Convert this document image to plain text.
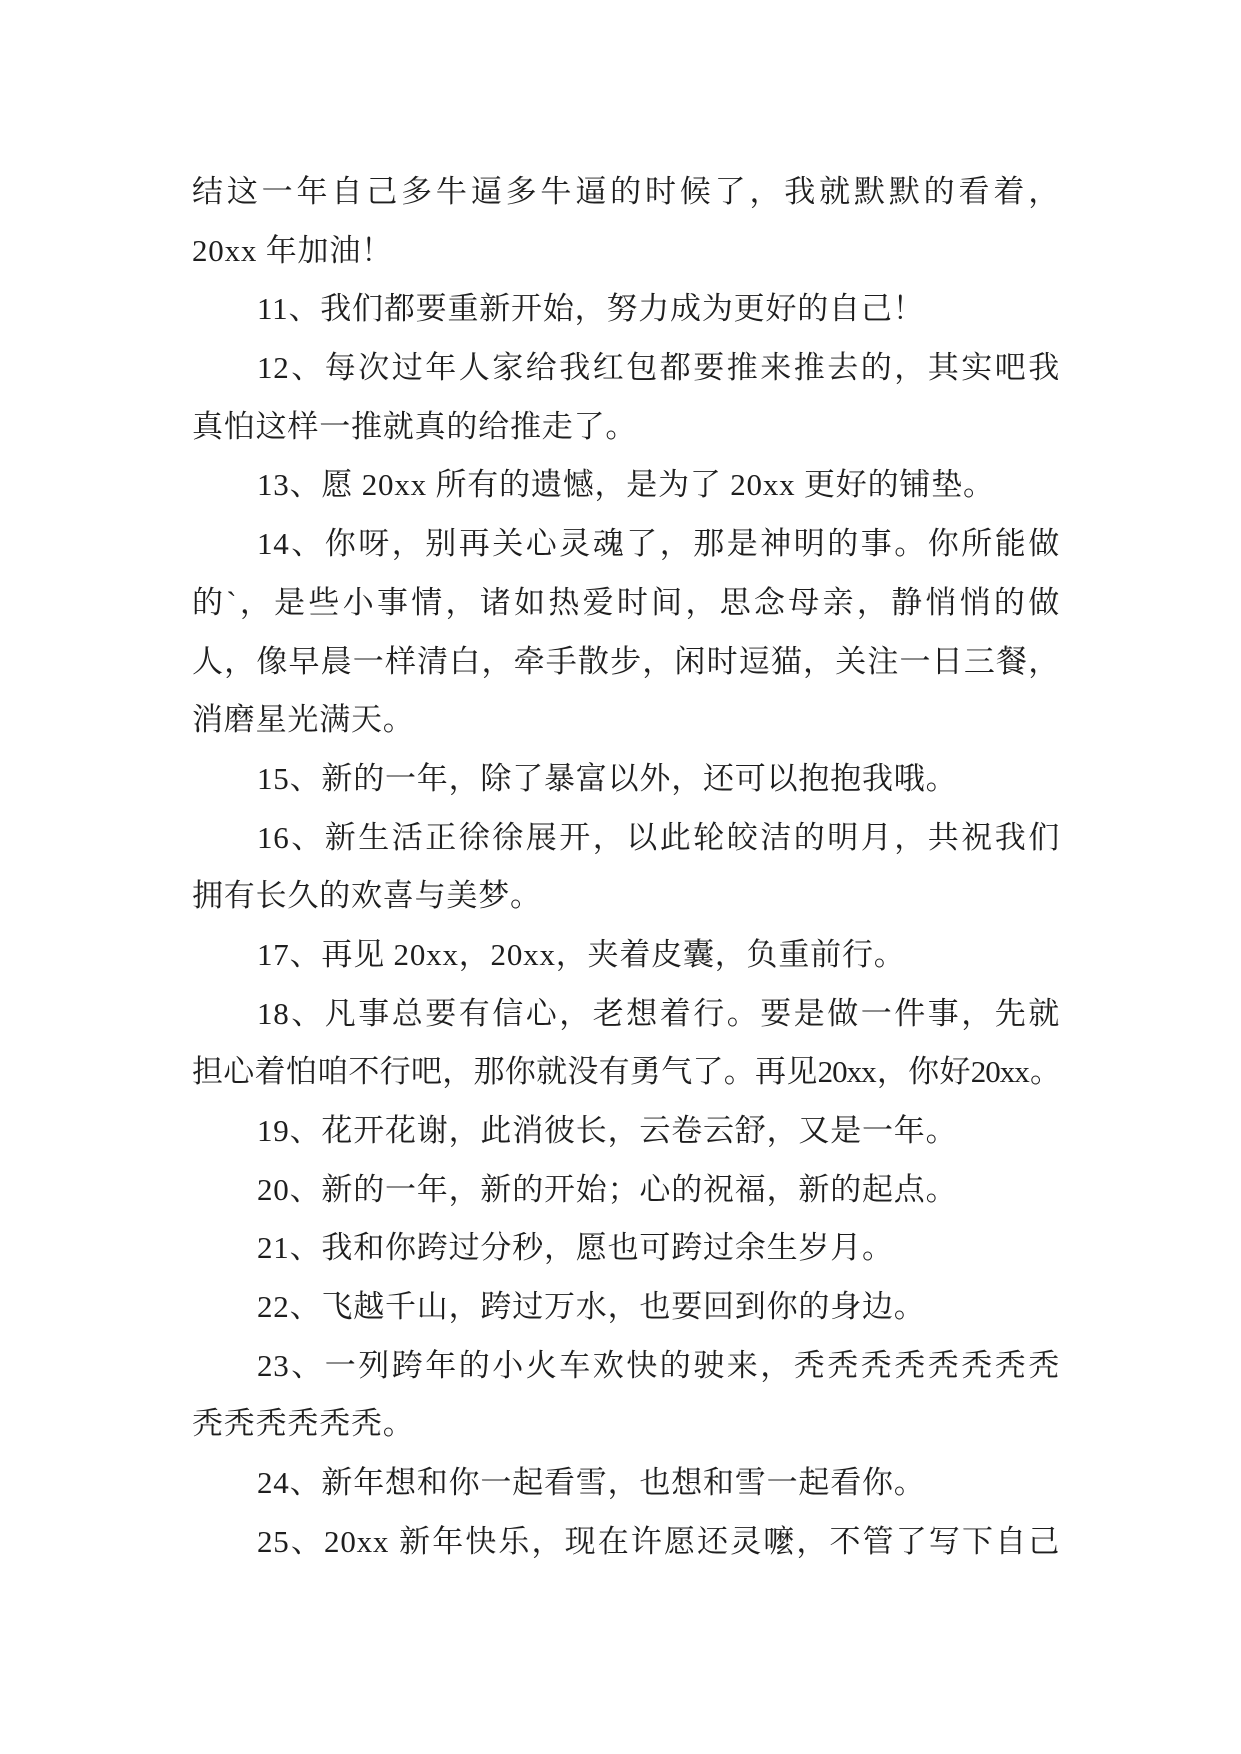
结这一年自己多牛逼多牛逼的时候了，我就默默的看着，
20xx 年加油！
11、我们都要重新开始，努力成为更好的自己！
12、每次过年人家给我红包都要推来推去的，其实吧我
真怕这样一推就真的给推走了。
13、愿 20xx 所有的遗憾，是为了 20xx 更好的铺垫。
14、你呀，别再关心灵魂了，那是神明的事。你所能做
的`，是些小事情，诸如热爱时间，思念母亲，静悄悄的做
人，像早晨一样清白，牵手散步，闲时逗猫，关注一日三餐，
消磨星光满天。
15、新的一年，除了暴富以外，还可以抱抱我哦。
16、新生活正徐徐展开，以此轮皎洁的明月，共祝我们
拥有长久的欢喜与美梦。
17、再见 20xx，20xx，夹着皮囊，负重前行。
18、凡事总要有信心，老想着行。要是做一件事，先就
担心着怕咱不行吧，那你就没有勇气了。再见20xx，你好20xx。
19、花开花谢，此消彼长，云卷云舒，又是一年。
20、新的一年，新的开始；心的祝福，新的起点。
21、我和你跨过分秒，愿也可跨过余生岁月。
22、飞越千山，跨过万水，也要回到你的身边。
23、一列跨年的小火车欢快的驶来，秃秃秃秃秃秃秃秃
秃秃秃秃秃秃。
24、新年想和你一起看雪，也想和雪一起看你。
25、20xx 新年快乐，现在许愿还灵嚒，不管了写下自己
